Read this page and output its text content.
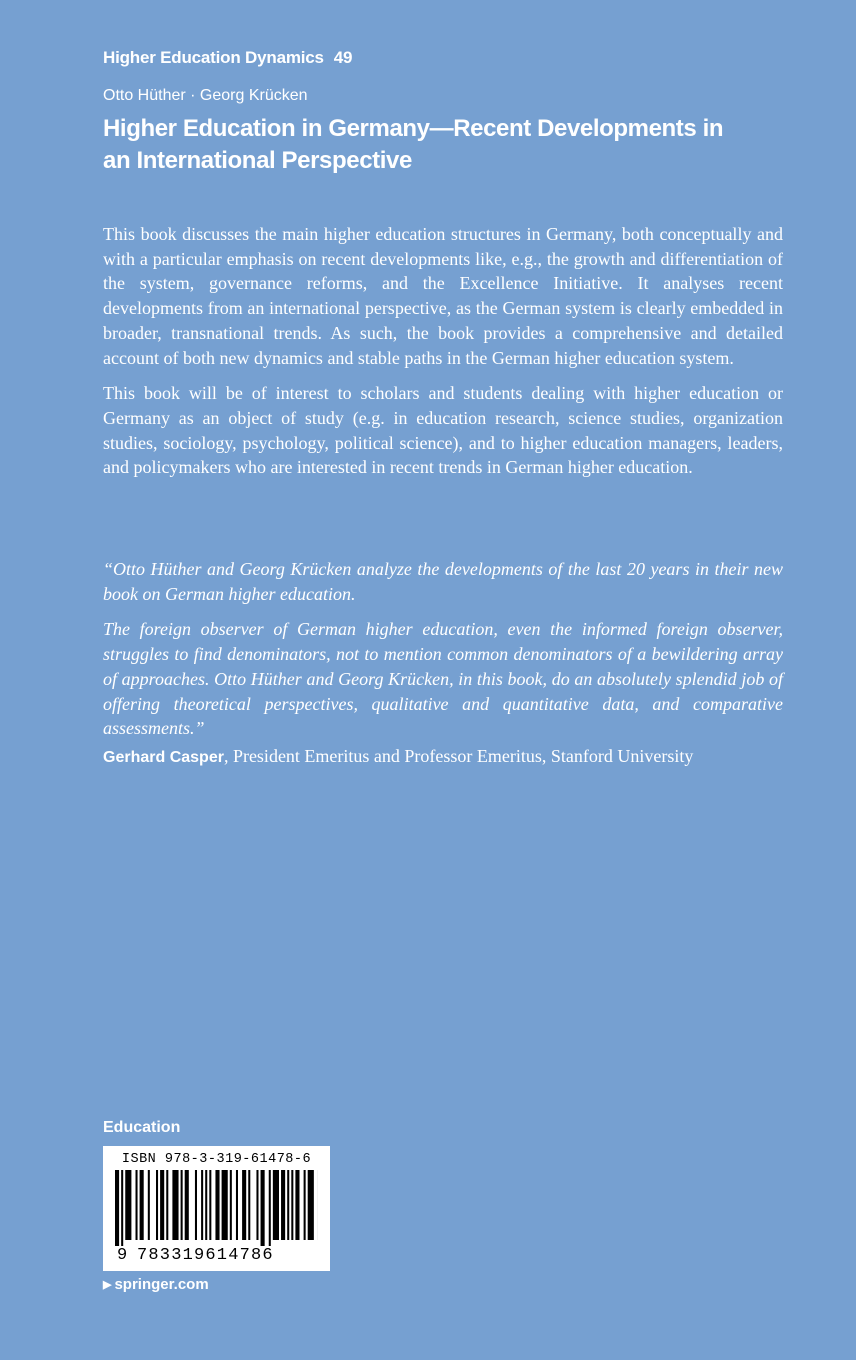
Higher Education Dynamics 49
Otto Hüther · Georg Krücken
Higher Education in Germany—Recent Developments in an International Perspective

This book discusses the main higher education structures in Germany, both conceptually and with a particular emphasis on recent developments like, e.g., the growth and differentiation of the system, governance reforms, and the Excellence Initiative. It analyses recent developments from an international perspective, as the German system is clearly embedded in broader, transnational trends. As such, the book provides a comprehensive and detailed account of both new dynamics and stable paths in the German higher education system.

This book will be of interest to scholars and students dealing with higher education or Germany as an object of study (e.g. in education research, science studies, organization studies, sociology, psychology, political science), and to higher education managers, leaders, and policymakers who are interested in recent trends in German higher education.

“Otto Hüther and Georg Krücken analyze the developments of the last 20 years in their new book on German higher education.

The foreign observer of German higher education, even the informed foreign observer, struggles to find denominators, not to mention common denominators of a bewildering array of approaches. Otto Hüther and Georg Krücken, in this book, do an absolutely splendid job of offering theoretical perspectives, qualitative and quantitative data, and comparative assessments.”

Gerhard Casper, President Emeritus and Professor Emeritus, Stanford University
Education
ISBN 978-3-319-61478-6
9 783319614786
▶ springer.com
